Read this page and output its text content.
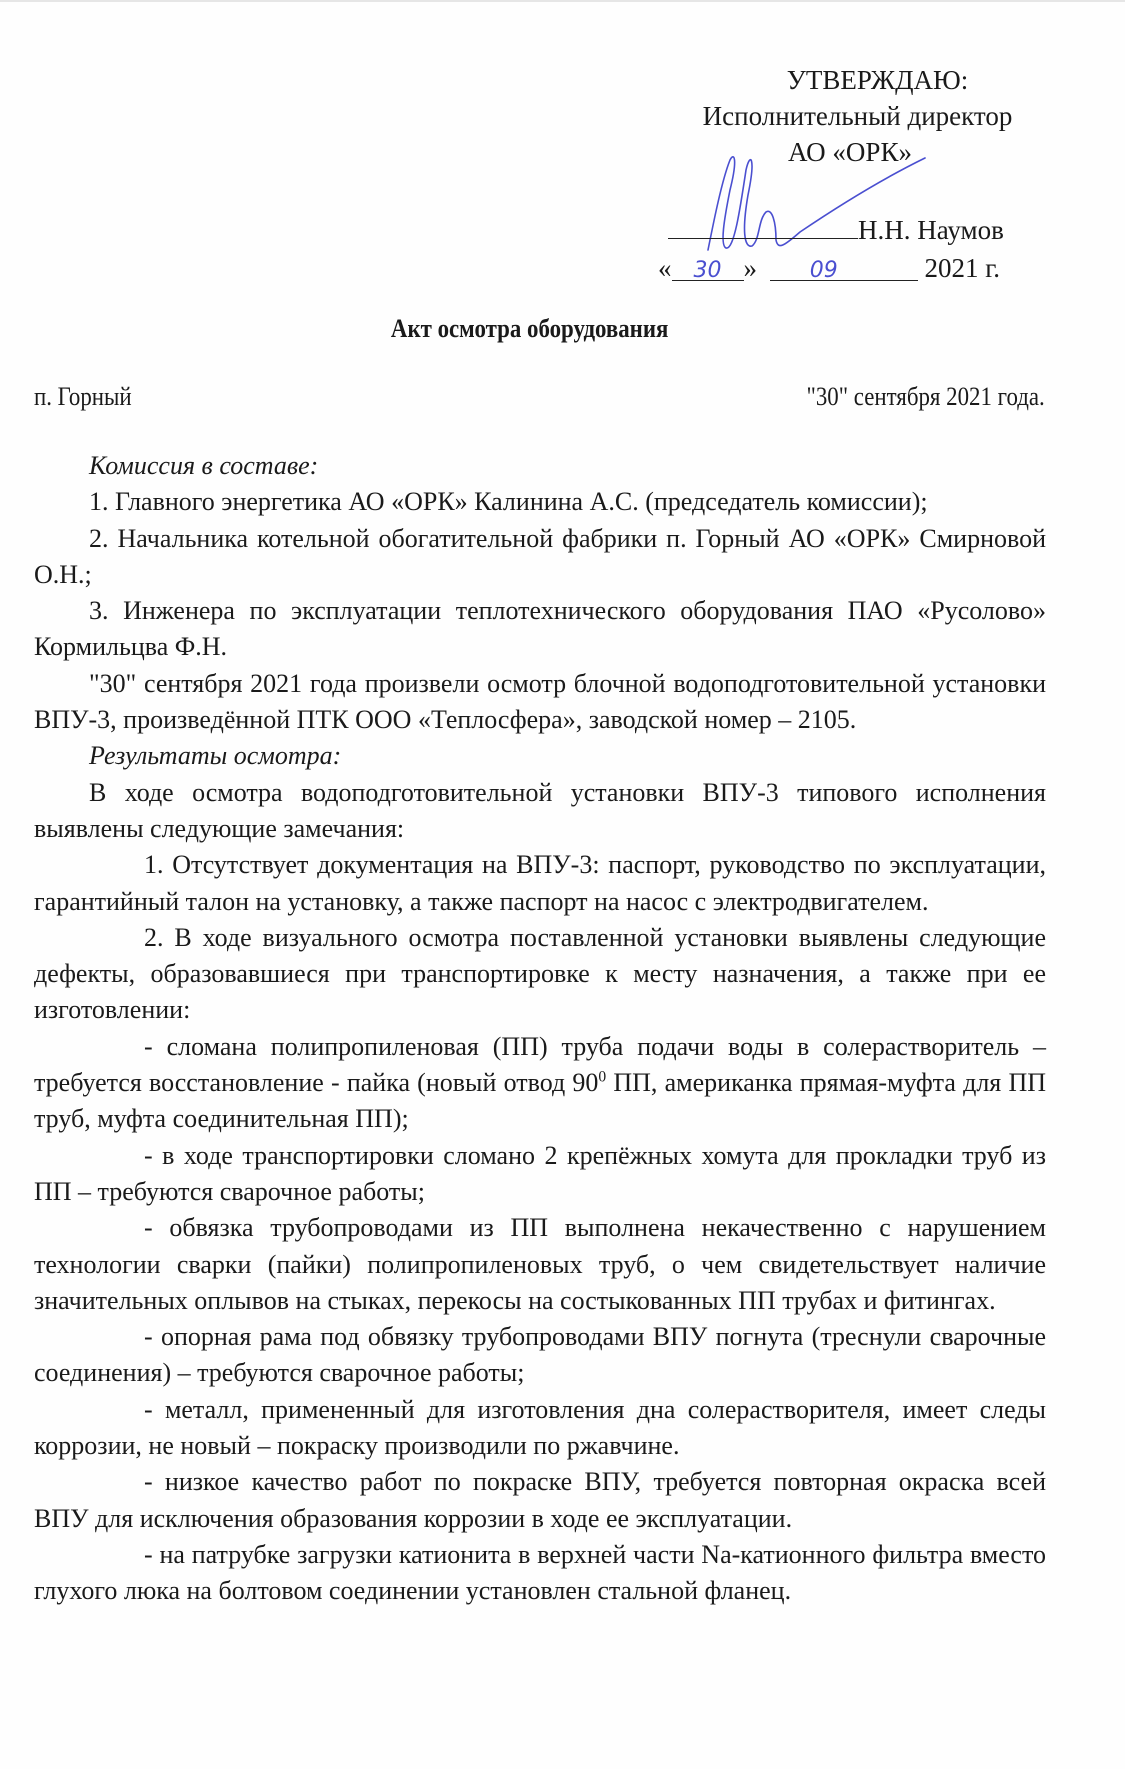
УТВЕРЖДАЮ:
Исполнительный директор
АО «ОРК»
Н.Н. Наумов
« 30 » 09	2021 г.
Акт осмотра оборудования
п. Горный	"30" сентября 2021 года.

Комиссия в составе:

1. Главного энергетика АО «ОРК» Калинина А.С. (председатель комиссии);

2. Начальника котельной обогатительной фабрики п. Горный АО «ОРК» Смирновой О.Н.;

3. Инженера по эксплуатации теплотехнического оборудования ПАО «Русолово» Кормильцва Ф.Н.

"30" сентября 2021 года произвели осмотр блочной водоподготовительной установки ВПУ-3, произведённой ПТК ООО «Теплосфера», заводской номер – 2105.

Результаты осмотра:

В ходе осмотра водоподготовительной установки ВПУ-3 типового исполнения выявлены следующие замечания:

1. Отсутствует документация на ВПУ-3: паспорт, руководство по эксплуатации, гарантийный талон на установку, а также паспорт на насос с электродвигателем.

2. В ходе визуального осмотра поставленной установки выявлены следующие дефекты, образовавшиеся при транспортировке к месту назначения, а также при ее изготовлении:

- сломана полипропиленовая (ПП) труба подачи воды в солерастворитель – требуется восстановление - пайка (новый отвод $90^0$ ПП, американка прямая-муфта для ПП труб, муфта соединительная ПП);

- в ходе транспортировки сломано 2 крепёжных хомута для прокладки труб из ПП – требуются сварочное работы;

- обвязка трубопроводами из ПП выполнена некачественно с нарушением технологии сварки (пайки) полипропиленовых труб, о чем свидетельствует наличие значительных оплывов на стыках, перекосы на состыкованных ПП трубах и фитингах.

- опорная рама под обвязку трубопроводами ВПУ погнута (треснули сварочные соединения) – требуются сварочное работы;

- металл, примененный для изготовления дна солерастворителя, имеет следы коррозии, не новый – покраску производили по ржавчине.

- низкое качество работ по покраске ВПУ, требуется повторная окраска всей ВПУ для исключения образования коррозии в ходе ее эксплуатации.

- на патрубке загрузки катионита в верхней части Na-катионного фильтра вместо глухого люка на болтовом соединении установлен стальной фланец.
